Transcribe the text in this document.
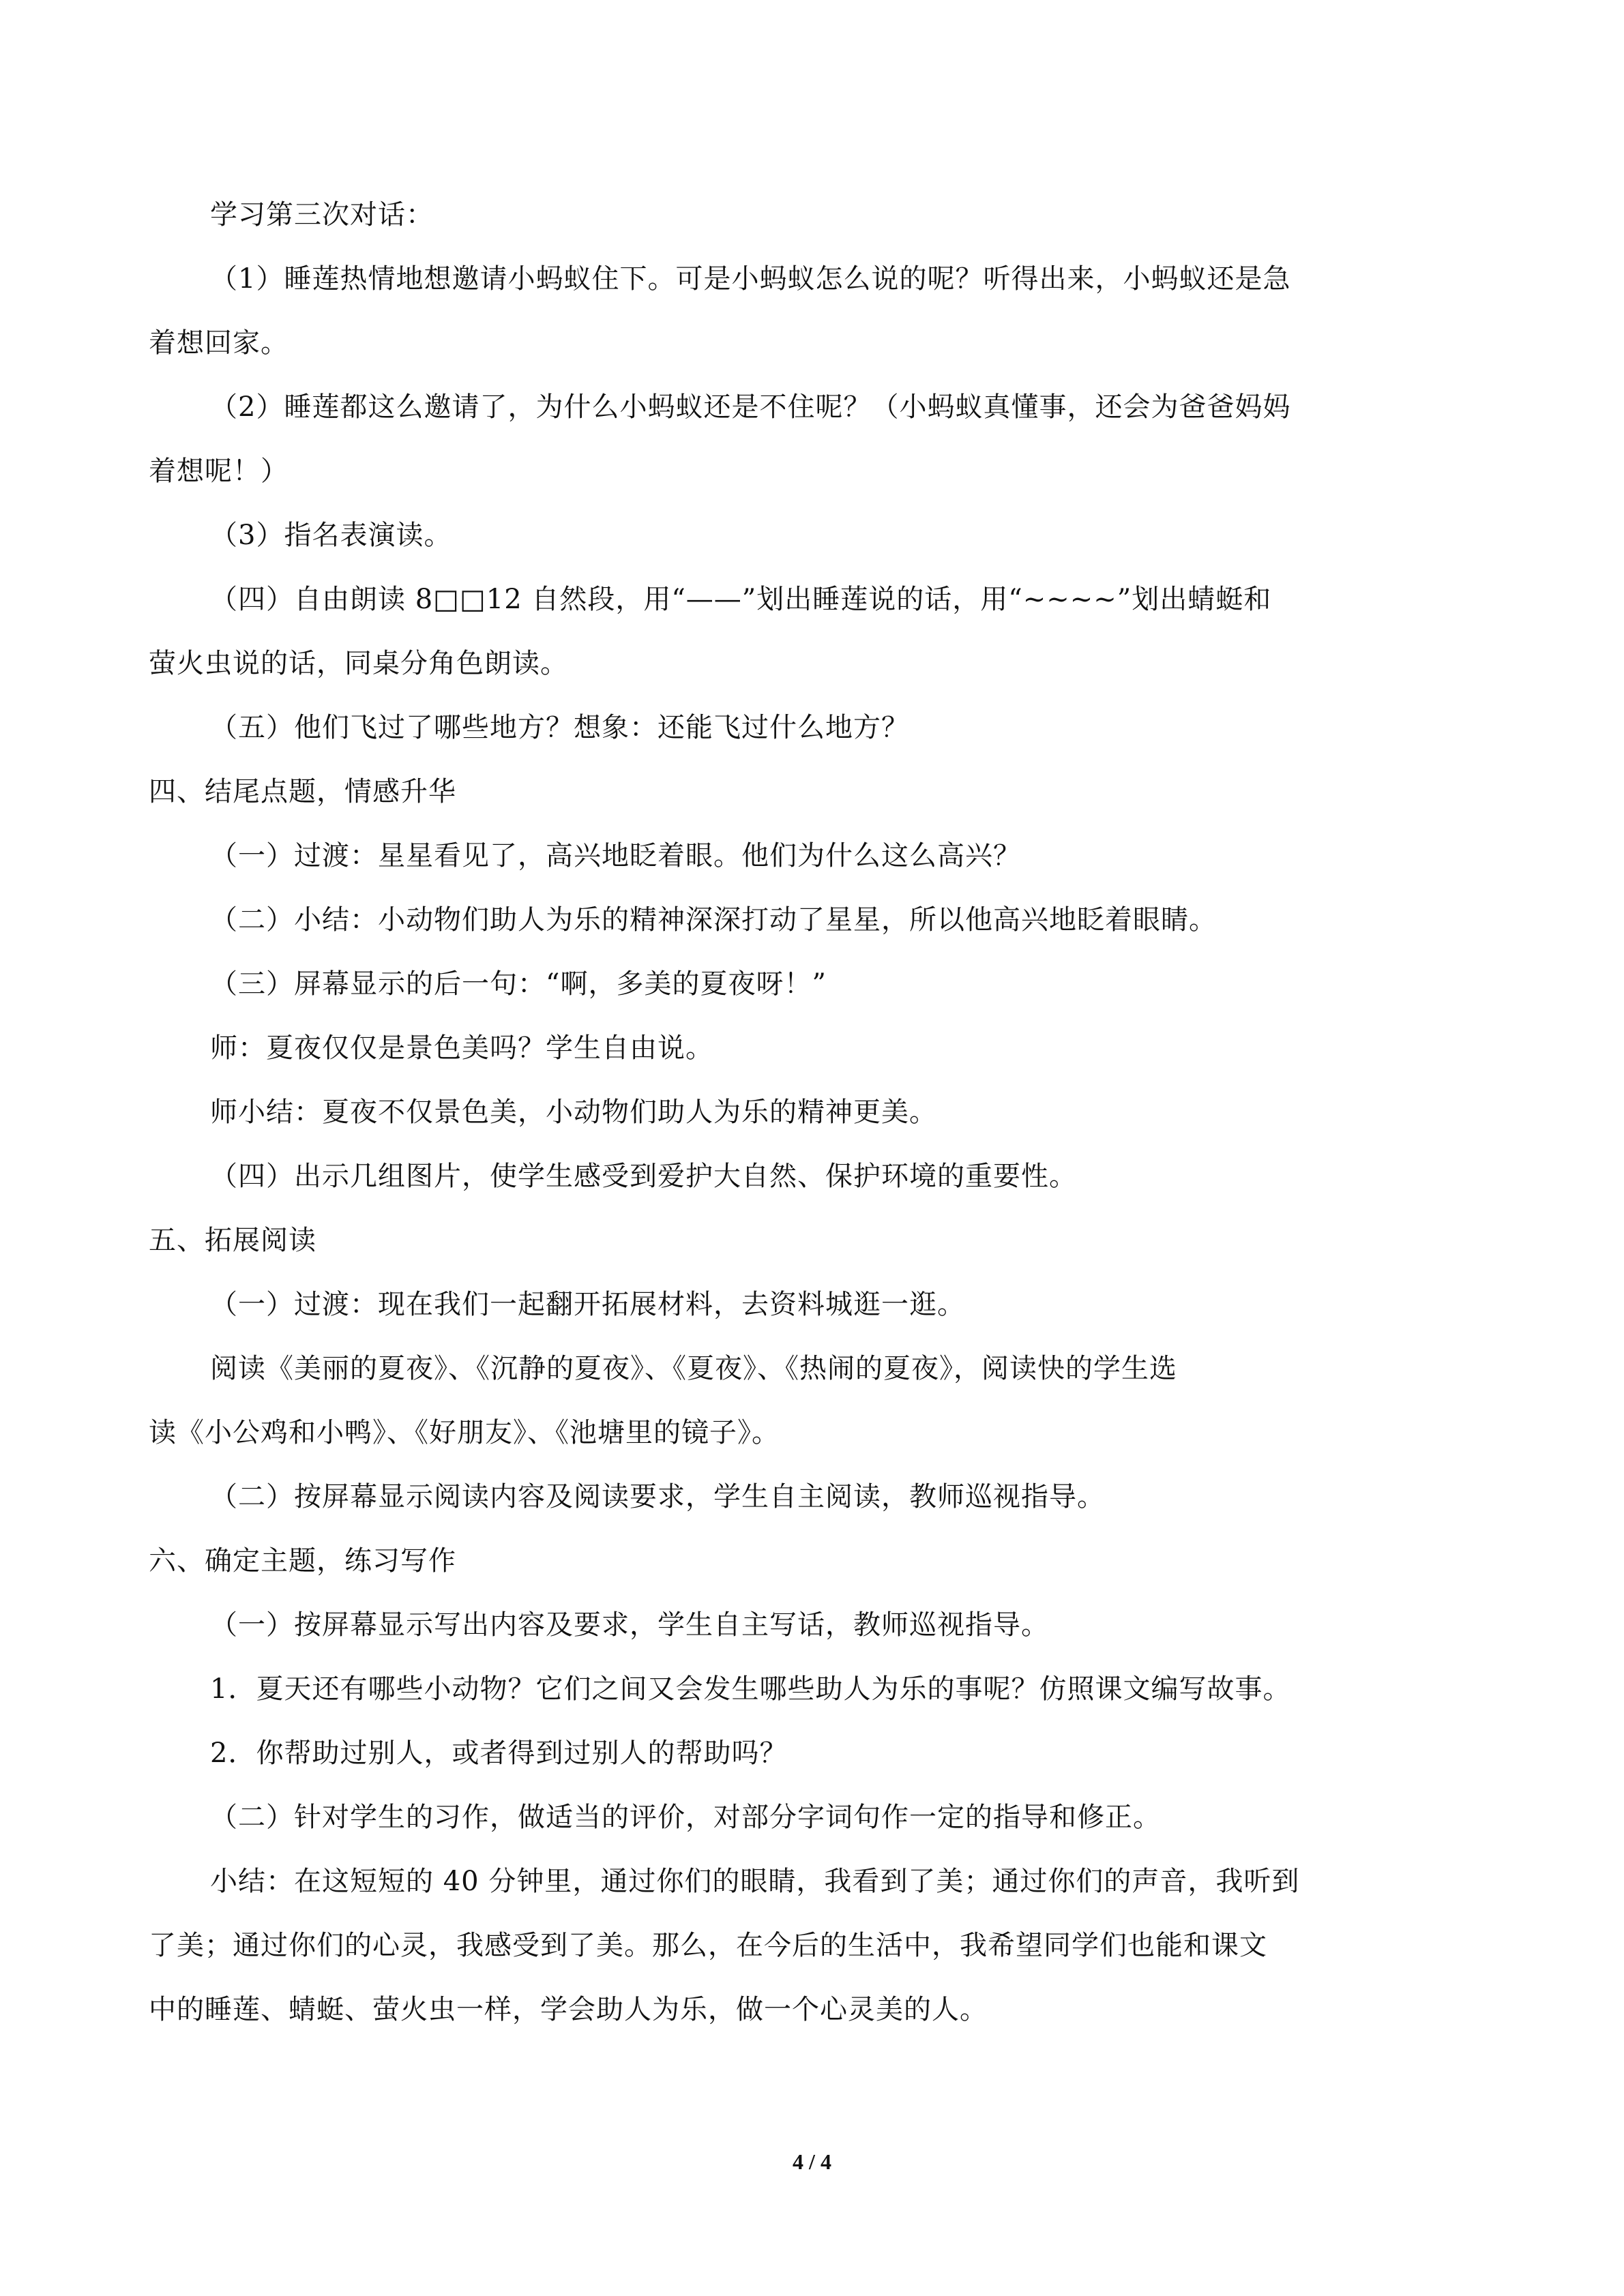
学习第三次对话：
（1）睡莲热情地想邀请小蚂蚁住下。可是小蚂蚁怎么说的呢？听得出来，小蚂蚁还是急
着想回家。
（2）睡莲都这么邀请了，为什么小蚂蚁还是不住呢？（小蚂蚁真懂事，还会为爸爸妈妈
着想呢！）
（3）指名表演读。
（四）自由朗读 8□□12 自然段，用“——”划出睡莲说的话，用“~~~~”划出蜻蜓和
萤火虫说的话，同桌分角色朗读。
（五）他们飞过了哪些地方？想象：还能飞过什么地方？
四、结尾点题，情感升华
（一）过渡：星星看见了，高兴地眨着眼。他们为什么这么高兴？
（二）小结：小动物们助人为乐的精神深深打动了星星，所以他高兴地眨着眼睛。
（三）屏幕显示的后一句：“啊，多美的夏夜呀！”
师：夏夜仅仅是景色美吗？学生自由说。
师小结：夏夜不仅景色美，小动物们助人为乐的精神更美。
（四）出示几组图片，使学生感受到爱护大自然、保护环境的重要性。
五、拓展阅读
（一）过渡：现在我们一起翻开拓展材料，去资料城逛一逛。
阅读《美丽的夏夜》、《沉静的夏夜》、《夏夜》、《热闹的夏夜》，阅读快的学生选
读《小公鸡和小鸭》、《好朋友》、《池塘里的镜子》。
（二）按屏幕显示阅读内容及阅读要求，学生自主阅读，教师巡视指导。
六、确定主题，练习写作
（一）按屏幕显示写出内容及要求，学生自主写话，教师巡视指导。
1．夏天还有哪些小动物？它们之间又会发生哪些助人为乐的事呢？仿照课文编写故事。
2．你帮助过别人，或者得到过别人的帮助吗？
（二）针对学生的习作，做适当的评价，对部分字词句作一定的指导和修正。
小结：在这短短的 40 分钟里，通过你们的眼睛，我看到了美；通过你们的声音，我听到
了美；通过你们的心灵，我感受到了美。那么，在今后的生活中，我希望同学们也能和课文
中的睡莲、蜻蜓、萤火虫一样，学会助人为乐，做一个心灵美的人。
4 / 4
